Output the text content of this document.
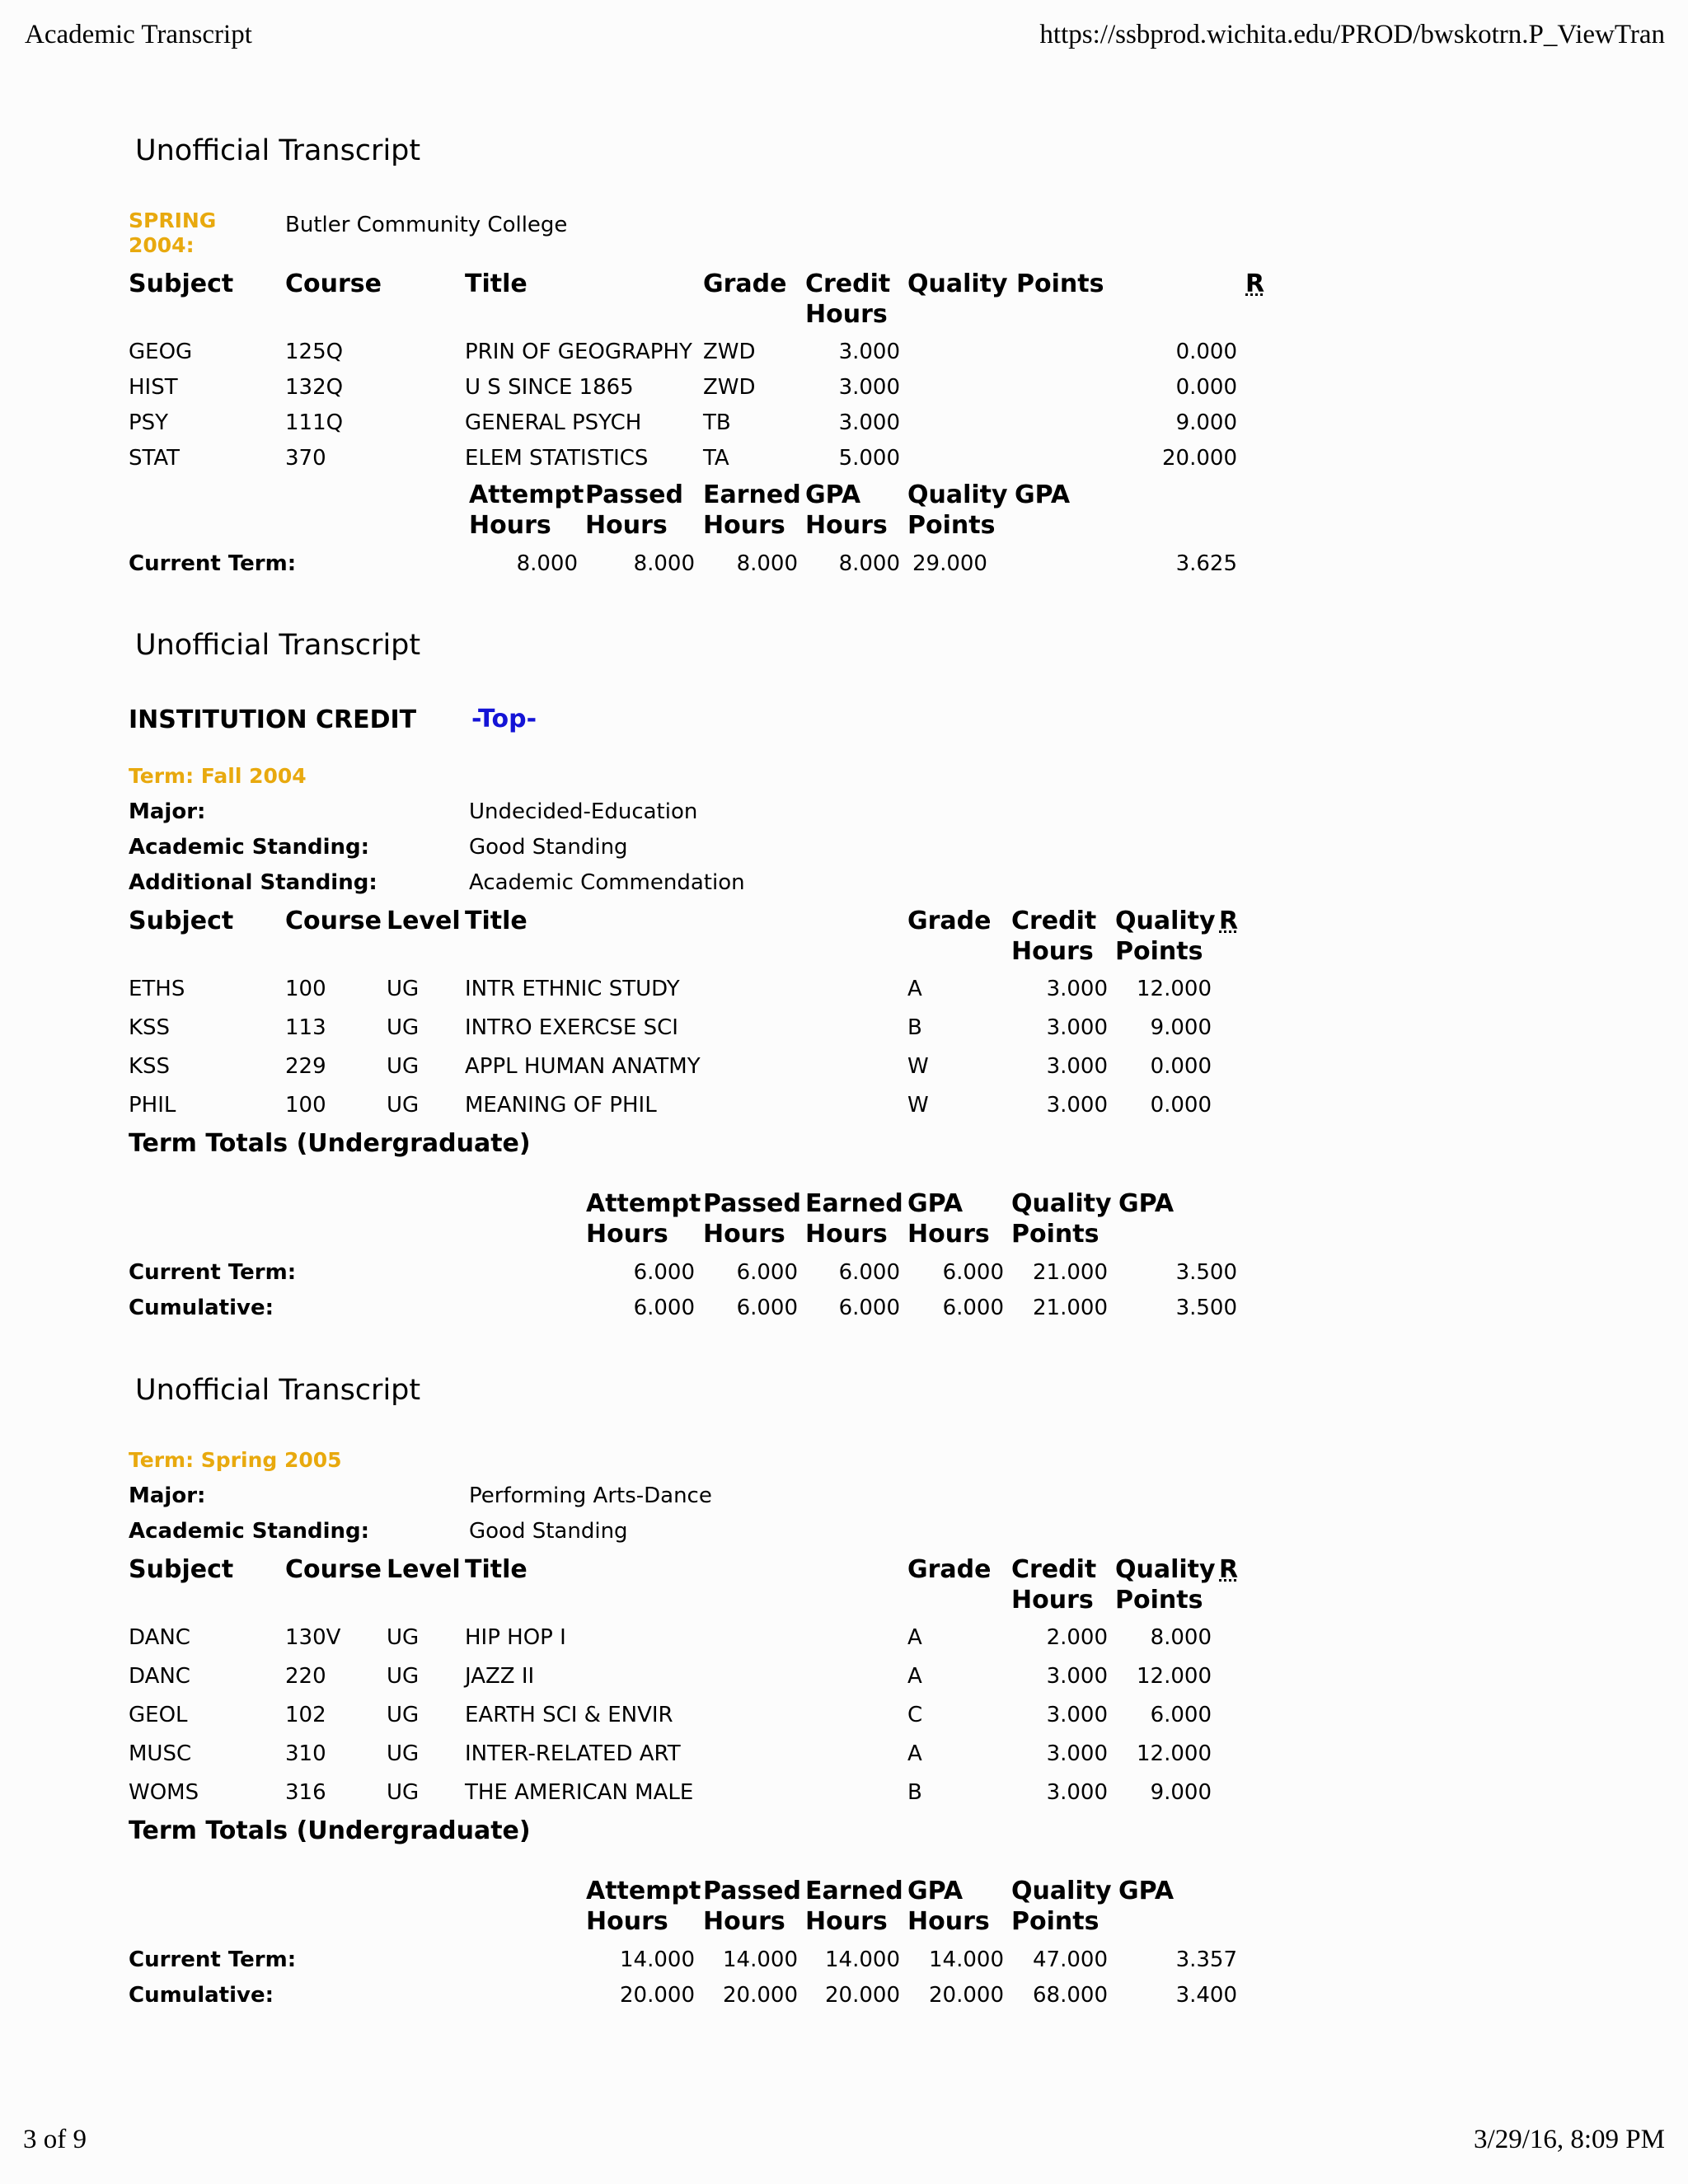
Academic Transcript	https://ssbprod.wichita.edu/PROD/bwskotrn.P_ViewTran
3 of 9	3/29/16, 8:09 PM
Unofficial Transcript
SPRING 2004:
Butler Community College
Subject Course	Title	Grade Credit Hours
Quality Points	R
GEOG	125Q	PRIN OF GEOGRAPHY ZWD	3.000	0.000
HIST	132Q	U S SINCE 1865	ZWD	3.000	0.000
PSY	111Q	GENERAL PSYCH	TB	3.000	9.000
STAT	370	ELEM STATISTICS	TA	5.000	20.000
Attempt Hours
Passed Hours
Earned Hours
GPA Hours
Quality Points
GPA
Current Term:	8.000	8.000 8.000 8.000 29.000	3.625
Unofficial Transcript
INSTITUTION CREDIT -Top-
Term: Fall 2004
Major:	Undecided-Education
Academic Standing:	Good Standing
Additional Standing:	Academic Commendation
Subject Course Level Title	Grade Credit Hours
Quality Points
R
ETHS	100	UG INTR ETHNIC STUDY	A	3.000 12.000
KSS	113	UG INTRO EXERCSE SCI	B	3.000 9.000
KSS	229	UG APPL HUMAN ANATMY	W	3.000 0.000
PHIL	100	UG MEANING OF PHIL	W	3.000 0.000
Term Totals (Undergraduate)
Attempt Hours
Passed Hours
Earned Hours
GPA Hours
Quality Points
GPA
Current Term:	6.000 6.000 6.000 6.000 21.000	3.500
Cumulative:	6.000 6.000 6.000 6.000 21.000	3.500
Unofficial Transcript
Term: Spring 2005
Major:	Performing Arts-Dance
Academic Standing:	Good Standing
Subject Course Level Title	Grade Credit Hours
Quality Points
R
DANC	130V UG HIP HOP I	A	2.000 8.000
DANC	220	UG JAZZ II	A	3.000 12.000
GEOL	102	UG EARTH SCI & ENVIR	C	3.000 6.000
MUSC	310	UG INTER-RELATED ART	A	3.000 12.000
WOMS	316	UG THE AMERICAN MALE	B	3.000 9.000
Term Totals (Undergraduate)
Attempt Hours
Passed Hours
Earned Hours
GPA Hours
Quality Points
GPA
Current Term:	14.000 14.000 14.000 14.000 47.000	3.357
Cumulative:	20.000 20.000 20.000 20.000 68.000	3.400
